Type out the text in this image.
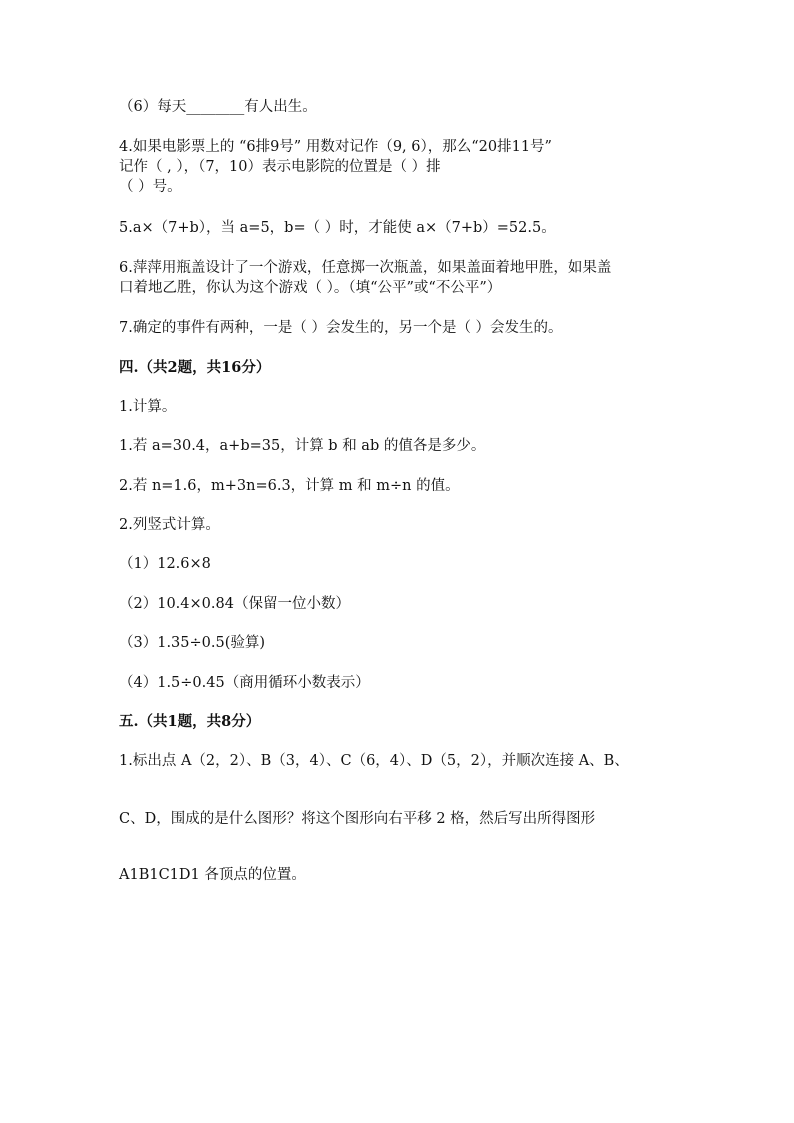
（6）每天________有人出生。
4.如果电影票上的 “6排9号” 用数对记作（9, 6），那么“20排11号”
记作（ , ），（7，10）表示电影院的位置是（ ）排
（ ）号。
5.a×（7+b），当 a=5，b=（ ）时，才能使 a×（7+b）=52.5。
6.萍萍用瓶盖设计了一个游戏，任意掷一次瓶盖，如果盖面着地甲胜，如果盖
口着地乙胜，你认为这个游戏（ ）。（填“公平”或“不公平”）
7.确定的事件有两种，一是（ ）会发生的，另一个是（ ）会发生的。
四.（共2题，共16分）
1.计算。
1.若 a=30.4，a+b=35，计算 b 和 ab 的值各是多少。
2.若 n=1.6，m+3n=6.3，计算 m 和 m÷n 的值。
2.列竖式计算。
（1）12.6×8
（2）10.4×0.84（保留一位小数）
（3）1.35÷0.5(验算)
（4）1.5÷0.45（商用循环小数表示）
五.（共1题，共8分）
1.标出点 A（2，2）、B（3，4）、C（6，4）、D（5，2），并顺次连接 A、B、
C、D，围成的是什么图形？将这个图形向右平移 2 格，然后写出所得图形
A1B1C1D1 各顶点的位置。
